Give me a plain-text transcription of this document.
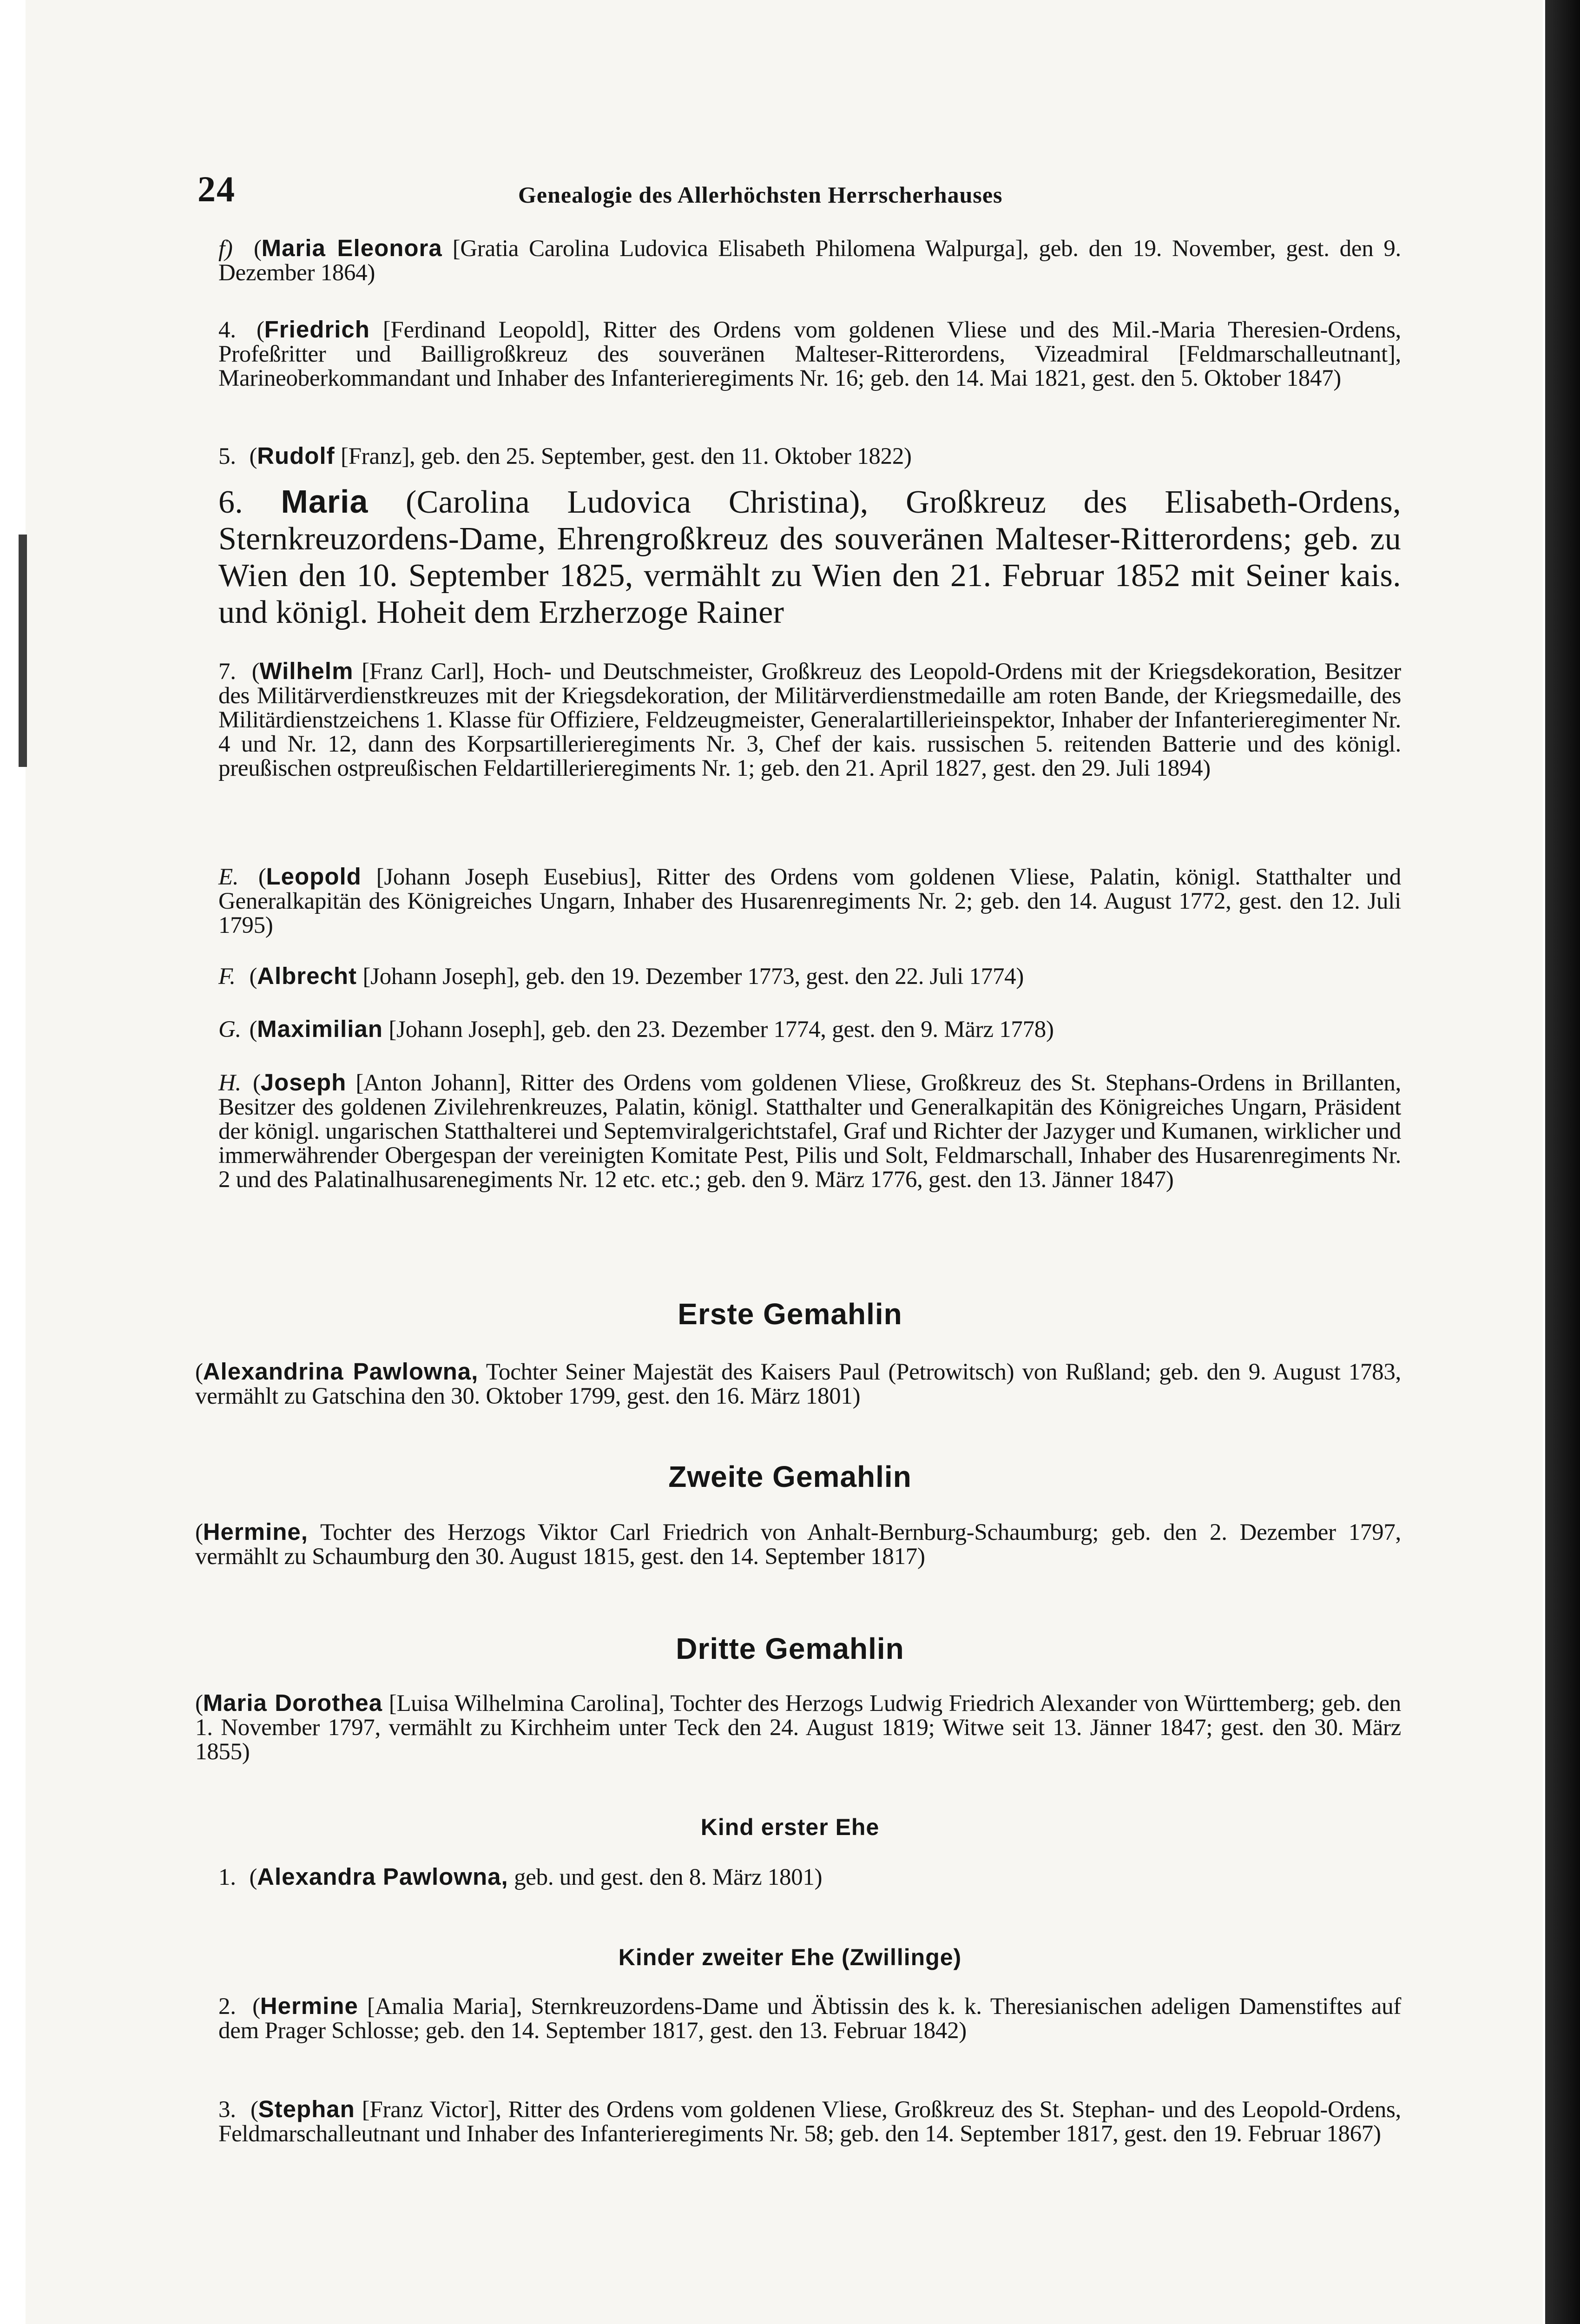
24	Genealogie des Allerhöchsten Herrscherhauses
f) (Maria Eleonora [Gratia Carolina Ludovica Elisabeth Philomena Walpurga], geb. den 19. November, gest. den 9. Dezember 1864)
4. (Friedrich [Ferdinand Leopold], Ritter des Ordens vom goldenen Vliese und des Mil.-Maria Theresien-Ordens, Profeßritter und Bailligroßkreuz des souveränen Malteser-Ritterordens, Vizeadmiral [Feldmarschalleutnant], Marineoberkommandant und Inhaber des Infanterieregiments Nr. 16; geb. den 14. Mai 1821, gest. den 5. Oktober 1847)
5. (Rudolf [Franz], geb. den 25. September, gest. den 11. Oktober 1822)
6. Maria (Carolina Ludovica Christina), Großkreuz des Elisabeth-Ordens, Sternkreuzordens-Dame, Ehrengroßkreuz des souveränen Malteser-Ritterordens; geb. zu Wien den 10. September 1825, vermählt zu Wien den 21. Februar 1852 mit Seiner kais. und königl. Hoheit dem Erzherzoge Rainer
7. (Wilhelm [Franz Carl], Hoch- und Deutschmeister, Großkreuz des Leopold-Ordens mit der Kriegsdekoration, Besitzer des Militärverdienstkreuzes mit der Kriegsdekoration, der Militärverdienstmedaille am roten Bande, der Kriegsmedaille, des Militärdienstzeichens 1. Klasse für Offiziere, Feldzeugmeister, Generalartillerieinspektor, Inhaber der Infanterieregimenter Nr. 4 und Nr. 12, dann des Korpsartillerieregiments Nr. 3, Chef der kais. russischen 5. reitenden Batterie und des königl. preußischen ostpreußischen Feldartillerieregiments Nr. 1; geb. den 21. April 1827, gest. den 29. Juli 1894)
E. (Leopold [Johann Joseph Eusebius], Ritter des Ordens vom goldenen Vliese, Palatin, königl. Statthalter und Generalkapitän des Königreiches Ungarn, Inhaber des Husarenregiments Nr. 2; geb. den 14. August 1772, gest. den 12. Juli 1795)
F. (Albrecht [Johann Joseph], geb. den 19. Dezember 1773, gest. den 22. Juli 1774)
G. (Maximilian [Johann Joseph], geb. den 23. Dezember 1774, gest. den 9. März 1778)
H. (Joseph [Anton Johann], Ritter des Ordens vom goldenen Vliese, Großkreuz des St. Stephans-Ordens in Brillanten, Besitzer des goldenen Zivilehrenkreuzes, Palatin, königl. Statthalter und Generalkapitän des Königreiches Ungarn, Präsident der königl. ungarischen Statthalterei und Septemviralgerichtstafel, Graf und Richter der Jazyger und Kumanen, wirklicher und immerwährender Obergespan der vereinigten Komitate Pest, Pilis und Solt, Feldmarschall, Inhaber des Husarenregiments Nr. 2 und des Palatinalhusarenegiments Nr. 12 etc. etc.; geb. den 9. März 1776, gest. den 13. Jänner 1847)
Erste Gemahlin
(Alexandrina Pawlowna, Tochter Seiner Majestät des Kaisers Paul (Petrowitsch) von Rußland; geb. den 9. August 1783, vermählt zu Gatschina den 30. Oktober 1799, gest. den 16. März 1801)
Zweite Gemahlin
(Hermine, Tochter des Herzogs Viktor Carl Friedrich von Anhalt-Bernburg-Schaumburg; geb. den 2. Dezember 1797, vermählt zu Schaumburg den 30. August 1815, gest. den 14. September 1817)
Dritte Gemahlin
(Maria Dorothea [Luisa Wilhelmina Carolina], Tochter des Herzogs Ludwig Friedrich Alexander von Württemberg; geb. den 1. November 1797, vermählt zu Kirchheim unter Teck den 24. August 1819; Witwe seit 13. Jänner 1847; gest. den 30. März 1855)
Kind erster Ehe
1. (Alexandra Pawlowna, geb. und gest. den 8. März 1801)
Kinder zweiter Ehe (Zwillinge)
2. (Hermine [Amalia Maria], Sternkreuzordens-Dame und Äbtissin des k. k. Theresianischen adeligen Damenstiftes auf dem Prager Schlosse; geb. den 14. September 1817, gest. den 13. Februar 1842)
3. (Stephan [Franz Victor], Ritter des Ordens vom goldenen Vliese, Großkreuz des St. Stephan- und des Leopold-Ordens, Feldmarschalleutnant und Inhaber des Infanterieregiments Nr. 58; geb. den 14. September 1817, gest. den 19. Februar 1867)
